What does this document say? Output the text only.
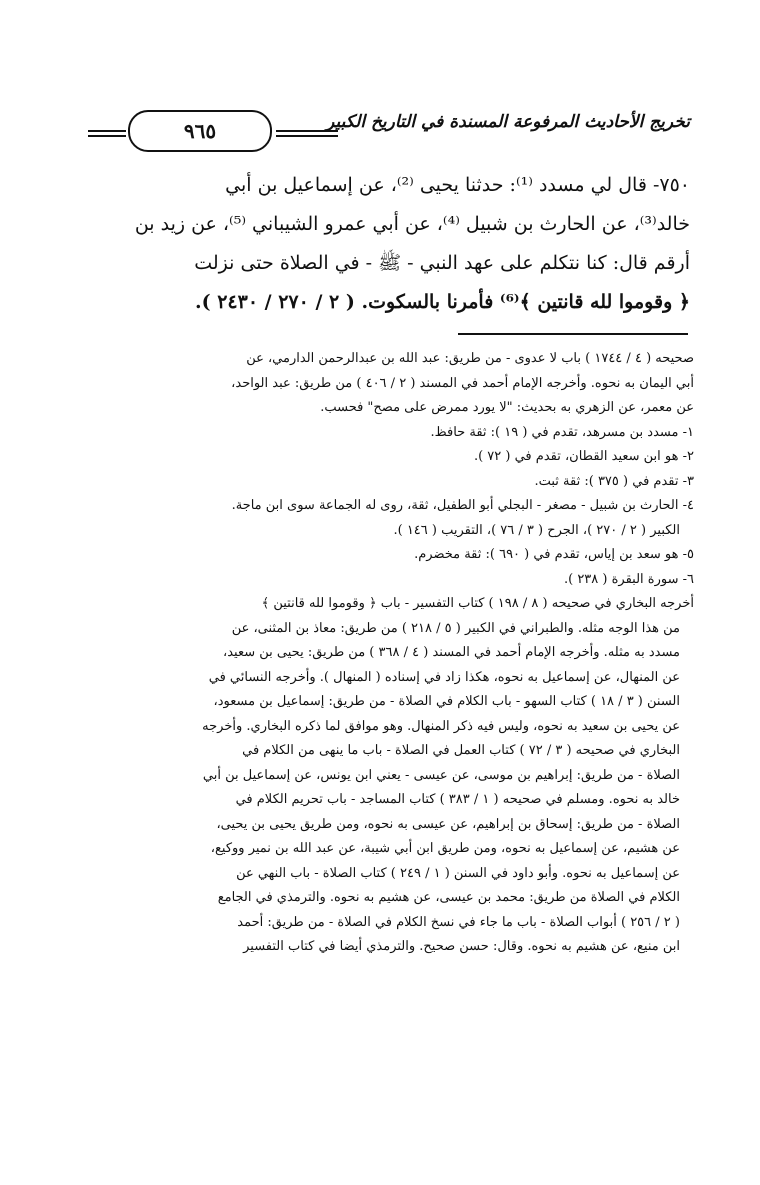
تخريج الأحاديث المرفوعة المسندة في التاريخ الكبير
٩٦٥

٧٥٠- قال لي مسدد ⁽¹⁾: حدثنا يحيى ⁽²⁾، عن إسماعيل بن أبي

خالد⁽³⁾، عن الحارث بن شبيل ⁽⁴⁾، عن أبي عمرو الشيباني ⁽⁵⁾، عن زيد بن

أرقم قال: كنا نتكلم على عهد النبي - ﷺ - في الصلاة حتى نزلت

﴿ وقوموا لله قانتين ﴾⁽⁶⁾ فأمرنا بالسكوت. ( ٢ / ٢٧٠ / ٢٤٣٠ ).

صحيحه ( ٤ / ١٧٤٤ ) باب لا عدوى - من طريق: عبد الله بن عبدالرحمن الدارمي، عن
أبي اليمان به نحوه. وأخرجه الإمام أحمد في المسند ( ٢ / ٤٠٦ ) من طريق: عبد الواحد،
عن معمر، عن الزهري به بحديث: "لا يورد ممرض على مصح" فحسب.
١- مسدد بن مسرهد، تقدم في ( ١٩ ): ثقة حافظ.
٢- هو ابن سعيد القطان، تقدم في ( ٧٢ ).
٣- تقدم في ( ٣٧٥ ): ثقة ثبت.
٤- الحارث بن شبيل - مصغر - البجلي أبو الطفيل، ثقة، روى له الجماعة سوى ابن ماجة.
الكبير ( ٢ / ٢٧٠ )، الجرح ( ٣ / ٧٦ )، التقريب ( ١٤٦ ).
٥- هو سعد بن إياس، تقدم في ( ٦٩٠ ): ثقة مخضرم.
٦- سورة البقرة ( ٢٣٨ ).
أخرجه البخاري في صحيحه ( ٨ / ١٩٨ ) كتاب التفسير - باب ﴿ وقوموا لله قانتين ﴾
من هذا الوجه مثله. والطبراني في الكبير ( ٥ / ٢١٨ ) من طريق: معاذ بن المثنى، عن
مسدد به مثله. وأخرجه الإمام أحمد في المسند ( ٤ / ٣٦٨ ) من طريق: يحيى بن سعيد،
عن المنهال، عن إسماعيل به نحوه، هكذا زاد في إسناده ( المنهال ). وأخرجه النسائي في
السنن ( ٣ / ١٨ ) كتاب السهو - باب الكلام في الصلاة - من طريق: إسماعيل بن مسعود،
عن يحيى بن سعيد به نحوه، وليس فيه ذكر المنهال. وهو موافق لما ذكره البخاري. وأخرجه
البخاري في صحيحه ( ٣ / ٧٢ ) كتاب العمل في الصلاة - باب ما ينهى من الكلام في
الصلاة - من طريق: إبراهيم بن موسى، عن عيسى - يعني ابن يونس، عن إسماعيل بن أبي
خالد به نحوه. ومسلم في صحيحه ( ١ / ٣٨٣ ) كتاب المساجد - باب تحريم الكلام في
الصلاة - من طريق: إسحاق بن إبراهيم، عن عيسى به نحوه، ومن طريق يحيى بن يحيى،
عن هشيم، عن إسماعيل به نحوه، ومن طريق ابن أبي شيبة، عن عبد الله بن نمير ووكيع،
عن إسماعيل به نحوه. وأبو داود في السنن ( ١ / ٢٤٩ ) كتاب الصلاة - باب النهي عن
الكلام في الصلاة من طريق: محمد بن عيسى، عن هشيم به نحوه. والترمذي في الجامع
( ٢ / ٢٥٦ ) أبواب الصلاة - باب ما جاء في نسخ الكلام في الصلاة - من طريق: أحمد
ابن منيع، عن هشيم به نحوه. وقال: حسن صحيح. والترمذي أيضا في كتاب التفسير
